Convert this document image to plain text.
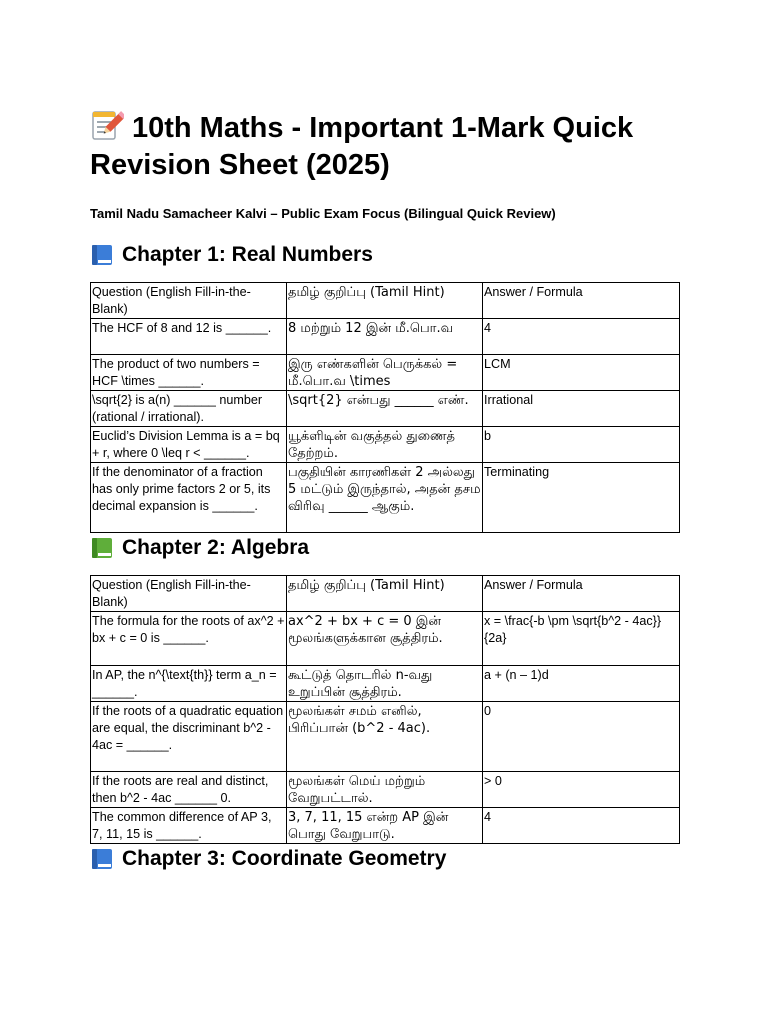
10th Maths - Important 1-Mark Quick Revision Sheet (2025)

Tamil Nadu Samacheer Kalvi – Public Exam Focus (Bilingual Quick Review)

Chapter 1: Real Numbers
Question (English Fill-in-the-Blank)	தமிழ் குறிப்பு (Tamil Hint)	Answer / Formula
The HCF of 8 and 12 is ______.	8 மற்றும் 12 இன் மீ.பொ.வ	4
The product of two numbers = HCF \times ______.	இரு எண்களின் பெருக்கல் = மீ.பொ.வ \times	LCM
\sqrt{2} is a(n) ______ number (rational / irrational).	\sqrt{2} என்பது ______ எண்.	Irrational
Euclid’s Division Lemma is a = bq + r, where 0 \leq r < ______.	யூக்ளிடின் வகுத்தல் துணைத் தேற்றம்.	b
If the denominator of a fraction has only prime factors 2 or 5, its decimal expansion is ______.	பகுதியின் காரணிகள் 2 அல்லது 5 மட்டும் இருந்தால், அதன் தசம விரிவு ______ ஆகும்.	Terminating
Chapter 2: Algebra
Question (English Fill-in-the-Blank)	தமிழ் குறிப்பு (Tamil Hint)	Answer / Formula
The formula for the roots of ax^2 + bx + c = 0 is ______.	ax^2 + bx + c = 0 இன் மூலங்களுக்கான சூத்திரம்.	x = \frac{-b \pm \sqrt{b^2 - 4ac}}{2a}
In AP, the n^{\text{th}} term a_n = ______.	கூட்டுத் தொடரில் n-வது உறுப்பின் சூத்திரம்.	a + (n – 1)d
If the roots of a quadratic equation are equal, the discriminant b^2 - 4ac = ______.	மூலங்கள் சமம் எனில், பிரிப்பான் (b^2 - 4ac).	0
If the roots are real and distinct, then b^2 - 4ac ______ 0.	மூலங்கள் மெய் மற்றும் வேறுபட்டால்.	> 0
The common difference of AP 3, 7, 11, 15 is ______.	3, 7, 11, 15 என்ற AP இன் பொது வேறுபாடு.	4
Chapter 3: Coordinate Geometry
